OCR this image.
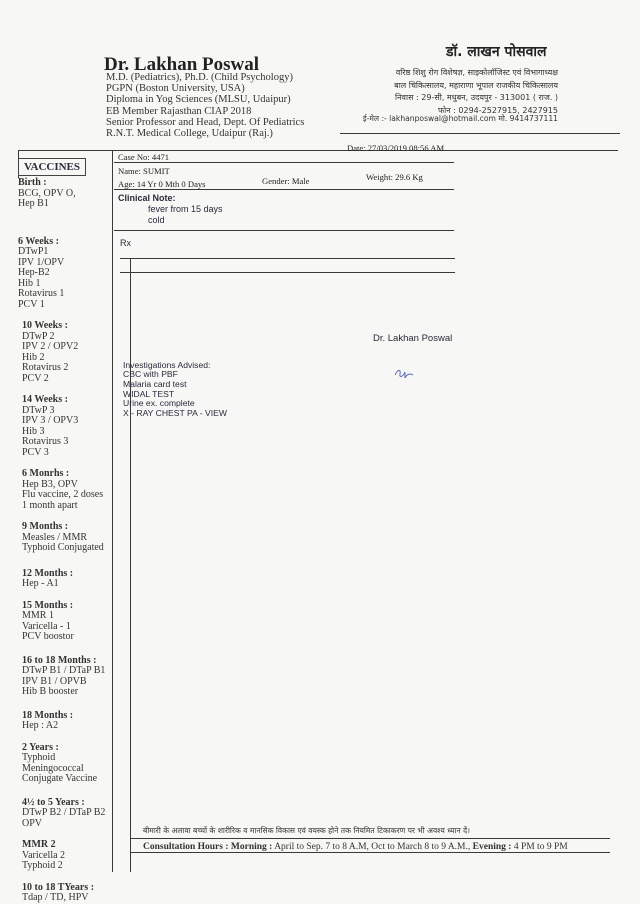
Dr. Lakhan Poswal
M.D. (Pediatrics), Ph.D. (Child Psychology)
PGPN (Boston University, USA)
Diploma in Yog Sciences (MLSU, Udaipur)
EB Member Rajasthan CIAP 2018
Senior Professor and Head, Dept. Of Pediatrics
R.N.T. Medical College, Udaipur (Raj.)
डॉ. लाखन पोसवाल
वरिष्ठ शिशु रोग विशेषज्ञ, साइकोलॉजिस्ट एवं विभागाध्यक्ष
बाल चिकित्सालय, महाराणा भूपाल राजकीय चिकित्सालय
निवास : 29-सी, मधुबन, उदयपुर - 313001 ( राज. )
फोन : 0294-2527915, 2427915
ई-मेल :- lakhanposwal@hotmail.com मो. 9414737111
VACCINES
Birth :
BCG, OPV O,
Hep B1
6 Weeks :
DTwP1
IPV 1/OPV
Hep-B2
Hib 1
Rotavirus 1
PCV 1
10 Weeks :
DTwP 2
IPV 2 / OPV2
Hib 2
Rotavirus 2
PCV 2
14 Weeks :
DTwP 3
IPV 3 / OPV3
Hib 3
Rotavirus 3
PCV 3
6 Monrhs :
Hep B3, OPV
Flu vaccine, 2 doses
1 month apart
9 Months :
Measles / MMR
Typhoid Conjugated
12 Months :
Hep - A1
15 Months :
MMR 1
Varicella - 1
PCV boostor
16 to 18 Months :
DTwP B1 / DTaP B1
IPV B1 / OPVB
Hib B booster
18 Months :
Hep : A2
2 Years :
Typhoid
Meningococcal
Conjugate Vaccine
4½ to 5 Years :
DTwP B2 / DTaP B2
OPV
MMR 2
Varicella 2
Typhoid 2
10 to 18 TYears :
Tdap / TD, HPV
Date: 27/03/2019 08:56 AM
Case No: 4471
Name: SUMIT
Age: 14 Yr 0 Mth 0 Days	Gender: Male	Weight: 29.6 Kg
Clinical Note:
fever from 15 days
cold
Rx
Dr. Lakhan Poswal
Investigations Advised:
CBC with PBF
Malaria card test
WIDAL TEST
Urine ex. complete
X - RAY CHEST PA - VIEW
बीमारी के अलावा बच्चों के शारीरिक व मानसिक विकास एवं वयस्क होने तक नियमित टिकाकरण पर भी अवश्य ध्यान दें।
Consultation Hours : Morning : April to Sep. 7 to 8 A.M, Oct to March 8 to 9 A.M., Evening : 4 PM to 9 PM
